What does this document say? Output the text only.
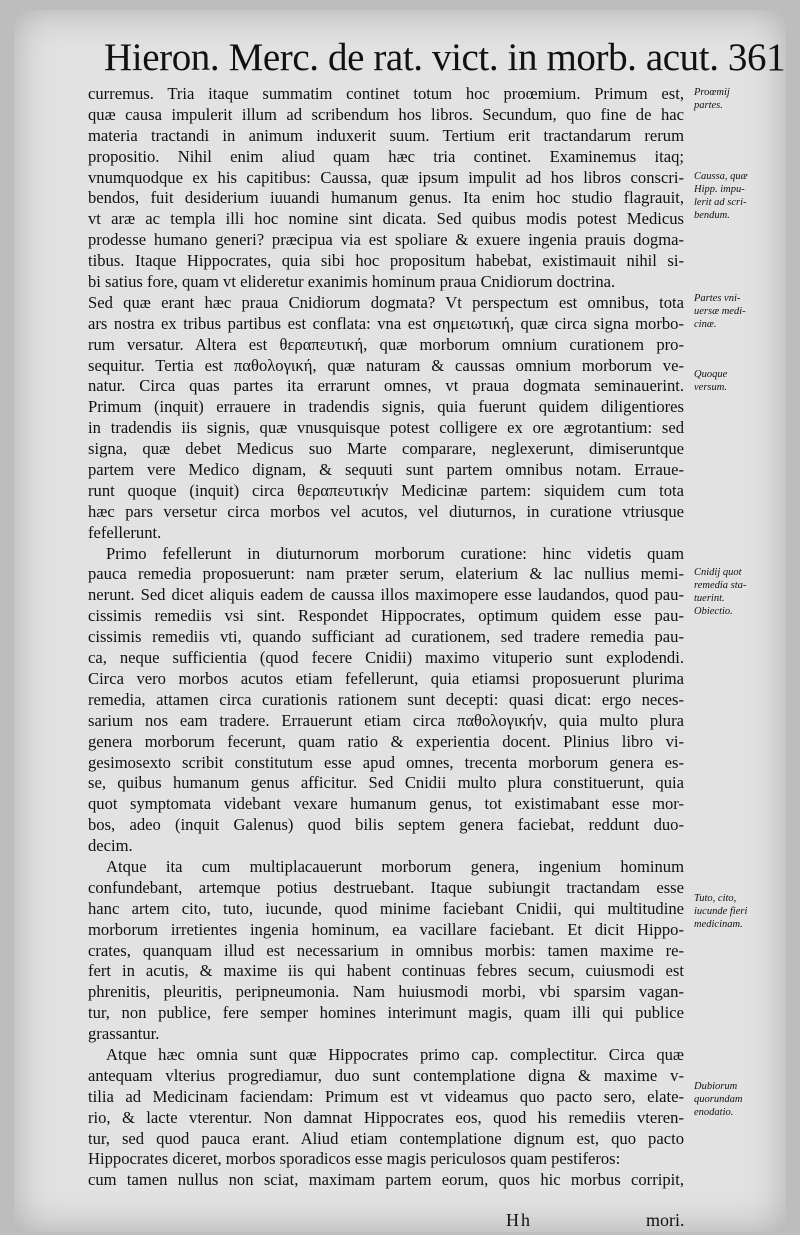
Hieron. Merc. de rat. vict. in morb. acut. 361
curremus. Tria itaque summatim continet totum hoc proœmium. Primum est,
quæ causa impulerit illum ad scribendum hos libros. Secundum, quo fine de hac
materia tractandi in animum induxerit suum. Tertium erit tractandarum rerum
propositio. Nihil enim aliud quam hæc tria continet. Examinemus itaq;
vnumquodque ex his capitibus: Caussa, quæ ipsum impulit ad hos libros conscri-
bendos, fuit desiderium iuuandi humanum genus. Ita enim hoc studio flagrauit,
vt aræ ac templa illi hoc nomine sint dicata. Sed quibus modis potest Medicus
prodesse humano generi? præcipua via est spoliare & exuere ingenia prauis dogma-
tibus. Itaque Hippocrates, quia sibi hoc propositum habebat, existimauit nihil si-
bi satius fore, quam vt elideretur exanimis hominum praua Cnidiorum doctrina.
Sed quæ erant hæc praua Cnidiorum dogmata? Vt perspectum est omnibus, tota
ars nostra ex tribus partibus est conflata: vna est σημειωτική, quæ circa signa morbo-
rum versatur. Altera est θεραπευτική, quæ morborum omnium curationem pro-
sequitur. Tertia est παθολογική, quæ naturam & caussas omnium morborum ve-
natur. Circa quas partes ita errarunt omnes, vt praua dogmata seminauerint.
Primum (inquit) errauere in tradendis signis, quia fuerunt quidem diligentiores
in tradendis iis signis, quæ vnusquisque potest colligere ex ore ægrotantium: sed
signa, quæ debet Medicus suo Marte comparare, neglexerunt, dimiseruntque
partem vere Medico dignam, & sequuti sunt partem omnibus notam. Errauе-
runt quoque (inquit) circa θεραπευτικήν Medicinæ partem: siquidem cum tota
hæc pars versetur circa morbos vel acutos, vel diuturnos, in curatione vtriusque
fefellerunt.
Primo fefellerunt in diuturnorum morborum curatione: hinc videtis quam
pauca remedia proposuerunt: nam præter serum, elaterium & lac nullius memi-
nerunt. Sed dicet aliquis eadem de caussa illos maximopere esse laudandos, quod pau-
cissimis remediis vsi sint. Respondet Hippocrates, optimum quidem esse pau-
cissimis remediis vti, quando sufficiant ad curationem, sed tradere remedia pau-
ca, neque sufficientia (quod fecere Cnidii) maximo vituperio sunt explodendi.
Circa vero morbos acutos etiam fefellerunt, quia etiamsi proposuerunt plurima
remedia, attamen circa curationis rationem sunt decepti: quasi dicat: ergo neces-
sarium nos eam tradere. Errauerunt etiam circa παθολογικήν, quia multo plura
genera morborum fecerunt, quam ratio & experientia docent. Plinius libro vi-
gesimosexto scribit constitutum esse apud omnes, trecenta morborum genera es-
se, quibus humanum genus afficitur. Sed Cnidii multo plura constituerunt, quia
quot symptomata videbant vexare humanum genus, tot existimabant esse mor-
bos, adeo (inquit Galenus) quod bilis septem genera faciebat, reddunt duo-
decim.
Atque ita cum multiplacauerunt morborum genera, ingenium hominum
confundebant, artemque potius destruebant. Itaque subiungit tractandam esse
hanc artem cito, tuto, iucunde, quod minime faciebant Cnidii, qui multitudine
morborum irretientes ingenia hominum, ea vacillare faciebant. Et dicit Hippo-
crates, quanquam illud est necessarium in omnibus morbis: tamen maxime re-
fert in acutis, & maxime iis qui habent continuas febres secum, cuiusmodi est
phrenitis, pleuritis, peripneumonia. Nam huiusmodi morbi, vbi sparsim vagan-
tur, non publice, fere semper homines interimunt magis, quam illi qui publice
grassantur.
Atque hæc omnia sunt quæ Hippocrates primo cap. complectitur. Circa quæ
antequam vlterius progrediamur, duo sunt contemplatione digna & maxime v-
tilia ad Medicinam faciendam: Primum est vt videamus quo pacto sero, elate-
rio, & lacte vterentur. Non damnat Hippocrates eos, quod his remediis vteren-
tur, sed quod pauca erant. Aliud etiam contemplatione dignum est, quo pacto
Hippocrates diceret, morbos sporadicos esse magis periculosos quam pestiferos:
cum tamen nullus non sciat, maximam partem eorum, quos hic morbus corripit,
Proœmij
partes.
Caussa, quæ
Hipp. impu-
lerit ad scri-
bendum.
Partes vni-
uersæ medi-
cinæ.
Quoque
versum.
Cnidij quot
remedia sta-
tuerint.
Obiectio.
Tuto, cito,
iucunde fieri
medicinam.
Dubiorum
quorundam
enodatio.
Hh	mori.
